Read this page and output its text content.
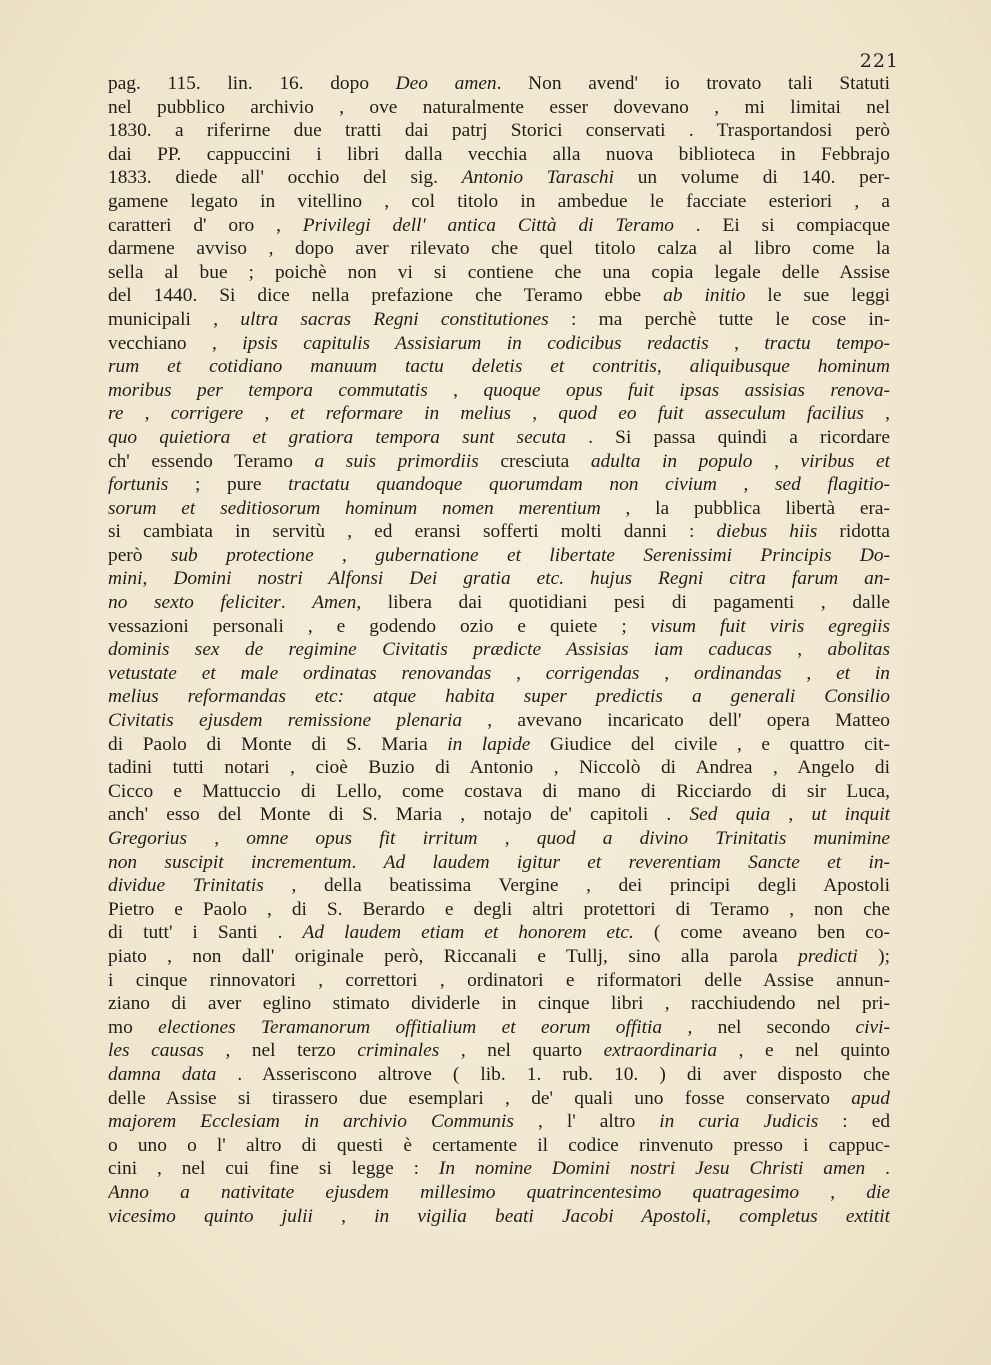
221
pag. 115. lin. 16. dopo Deo amen. Non avend' io trovato tali Statuti
nel pubblico archivio , ove naturalmente esser dovevano , mi limitai nel
1830. a riferirne due tratti dai patrj Storici conservati . Trasportandosi però
dai PP. cappuccini i libri dalla vecchia alla nuova biblioteca in Febbrajo
1833. diede all' occhio del sig. Antonio Taraschi un volume di 140. per-
gamene legato in vitellino , col titolo in ambedue le facciate esteriori , a
caratteri d' oro , Privilegi dell' antica Città di Teramo . Ei si compiacque
darmene avviso , dopo aver rilevato che quel titolo calza al libro come la
sella al bue ; poichè non vi si contiene che una copia legale delle Assise
del 1440. Si dice nella prefazione che Teramo ebbe ab initio le sue leggi
municipali , ultra sacras Regni constitutiones : ma perchè tutte le cose in-
vecchiano , ipsis capitulis Assisiarum in codicibus redactis , tractu tempo-
rum et cotidiano manuum tactu deletis et contritis, aliquibusque hominum
moribus per tempora commutatis , quoque opus fuit ipsas assisias renova-
re , corrigere , et reformare in melius , quod eo fuit asseculum facilius ,
quo quietiora et gratiora tempora sunt secuta . Si passa quindi a ricordare
ch' essendo Teramo a suis primordiis cresciuta adulta in populo , viribus et
fortunis ; pure tractatu quandoque quorumdam non civium , sed flagitio-
sorum et seditiosorum hominum nomen merentium , la pubblica libertà era-
si cambiata in servitù , ed eransi sofferti molti danni : diebus hiis ridotta
però sub protectione , gubernatione et libertate Serenissimi Principis Do-
mini, Domini nostri Alfonsi Dei gratia etc. hujus Regni citra farum an-
no sexto feliciter. Amen, libera dai quotidiani pesi di pagamenti , dalle
vessazioni personali , e godendo ozio e quiete ; visum fuit viris egregiis
dominis sex de regimine Civitatis prædicte Assisias iam caducas , abolitas
vetustate et male ordinatas renovandas , corrigendas , ordinandas , et in
melius reformandas etc: atque habita super predictis a generali Consilio
Civitatis ejusdem remissione plenaria , avevano incaricato dell' opera Matteo
di Paolo di Monte di S. Maria in lapide Giudice del civile , e quattro cit-
tadini tutti notari , cioè Buzio di Antonio , Niccolò di Andrea , Angelo di
Cicco e Mattuccio di Lello, come costava di mano di Ricciardo di sir Luca,
anch' esso del Monte di S. Maria , notajo de' capitoli . Sed quia , ut inquit
Gregorius , omne opus fit irritum , quod a divino Trinitatis munimine
non suscipit incrementum. Ad laudem igitur et reverentiam Sancte et in-
dividue Trinitatis , della beatissima Vergine , dei principi degli Apostoli
Pietro e Paolo , di S. Berardo e degli altri protettori di Teramo , non che
di tutt' i Santi . Ad laudem etiam et honorem etc. ( come aveano ben co-
piato , non dall' originale però, Riccanali e Tullj, sino alla parola predicti );
i cinque rinnovatori , correttori , ordinatori e riformatori delle Assise annun-
ziano di aver eglino stimato dividerle in cinque libri , racchiudendo nel pri-
mo electiones Teramanorum offitialium et eorum offitia , nel secondo civi-
les causas , nel terzo criminales , nel quarto extraordinaria , e nel quinto
damna data . Asseriscono altrove ( lib. 1. rub. 10. ) di aver disposto che
delle Assise si tirassero due esemplari , de' quali uno fosse conservato apud
majorem Ecclesiam in archivio Communis , l' altro in curia Judicis : ed
o uno o l' altro di questi è certamente il codice rinvenuto presso i cappuc-
cini , nel cui fine si legge : In nomine Domini nostri Jesu Christi amen .
Anno a nativitate ejusdem millesimo quatrincentesimo quatragesimo , die
vicesimo quinto julii , in vigilia beati Jacobi Apostoli, completus extitit
